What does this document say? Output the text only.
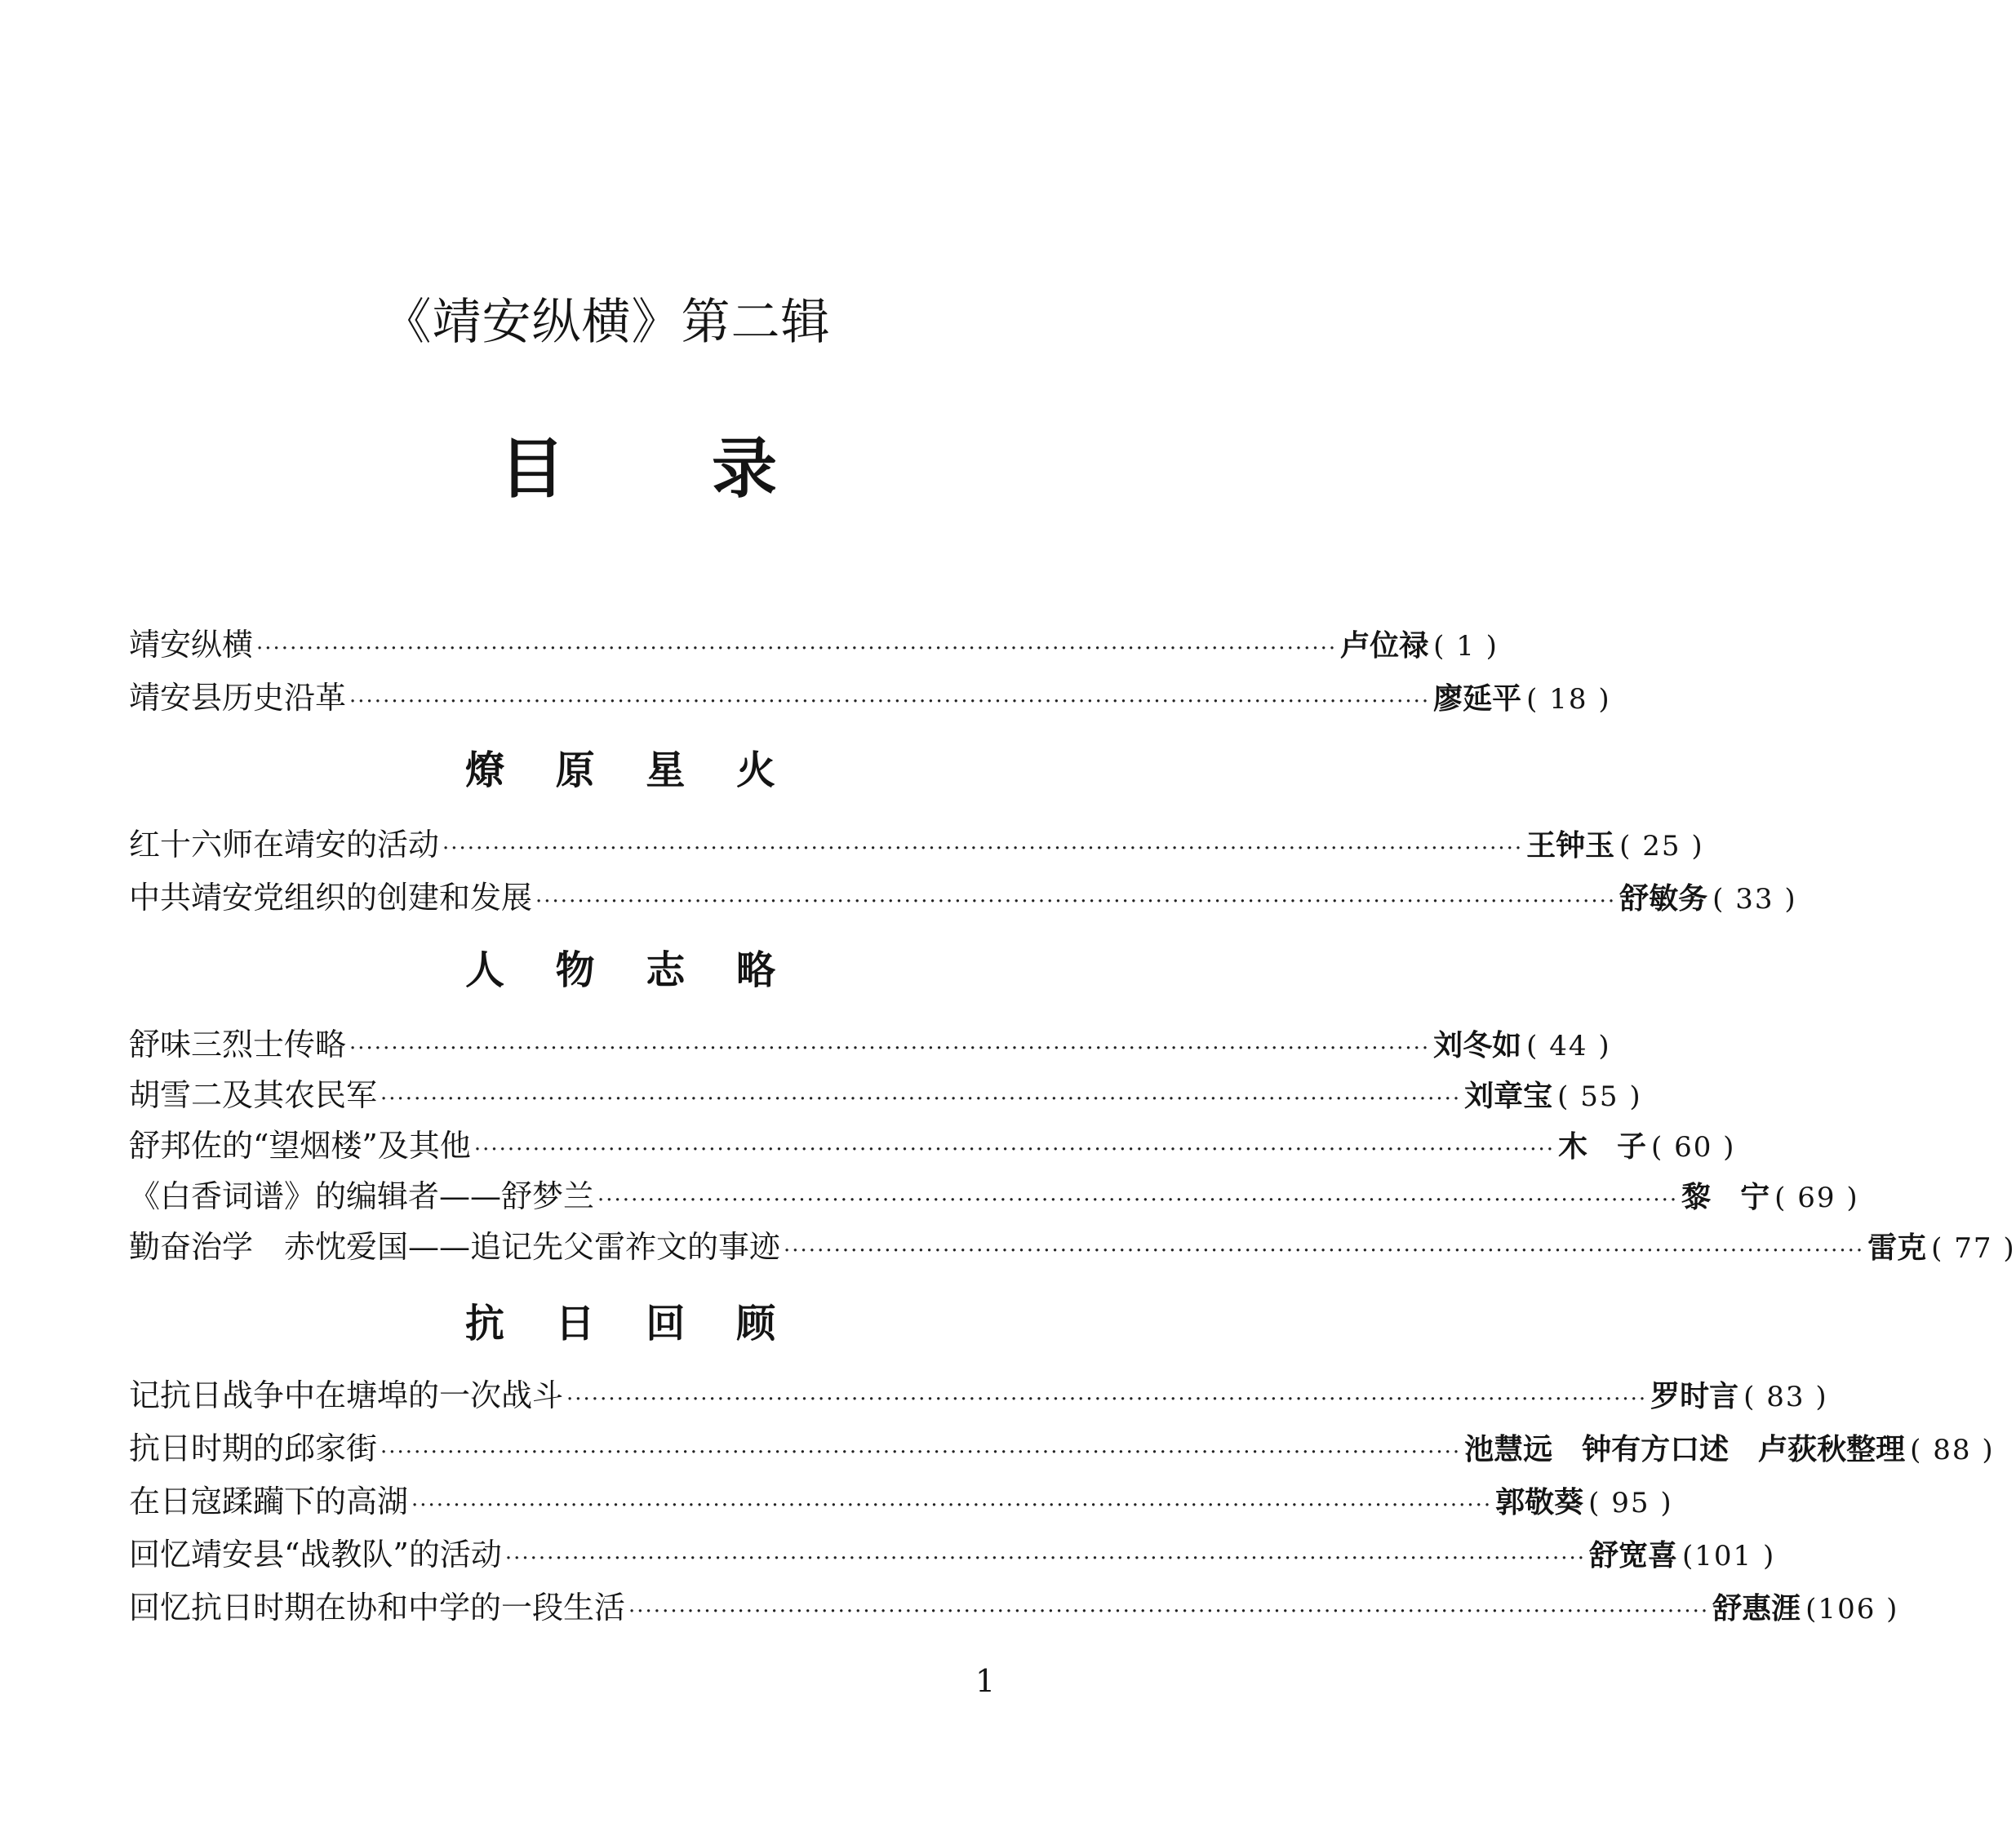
《靖安纵横》第二辑
目 录
靖安纵横 ································································································································· 卢位禄 ( 1 )
靖安县历史沿革 ································································································································· 廖延平 ( 18 )
燎 原 星 火
红十六师在靖安的活动 ································································································································· 王钟玉 ( 25 )
中共靖安党组织的创建和发展 ································································································································· 舒敏务 ( 33 )
人 物 志 略
舒味三烈士传略 ································································································································· 刘冬如 ( 44 )
胡雪二及其农民军 ································································································································· 刘章宝 ( 55 )
舒邦佐的“望烟楼”及其他 ································································································································· 木　子 ( 60 )
《白香词谱》的编辑者——舒梦兰 ································································································································· 黎　宁 ( 69 )
勤奋治学　赤忱爱国——追记先父雷祚文的事迹 ································································································································· 雷克 ( 77 )
抗 日 回 顾
记抗日战争中在塘埠的一次战斗 ································································································································· 罗时言 ( 83 )
抗日时期的邱家街 ································································································································· 池慧远　钟有方口述　卢荻秋整理 ( 88 )
在日寇蹂躏下的高湖 ································································································································· 郭敬葵 ( 95 )
回忆靖安县“战教队”的活动 ································································································································· 舒宽喜 (101 )
回忆抗日时期在协和中学的一段生活 ································································································································· 舒惠涯 (106 )
1
